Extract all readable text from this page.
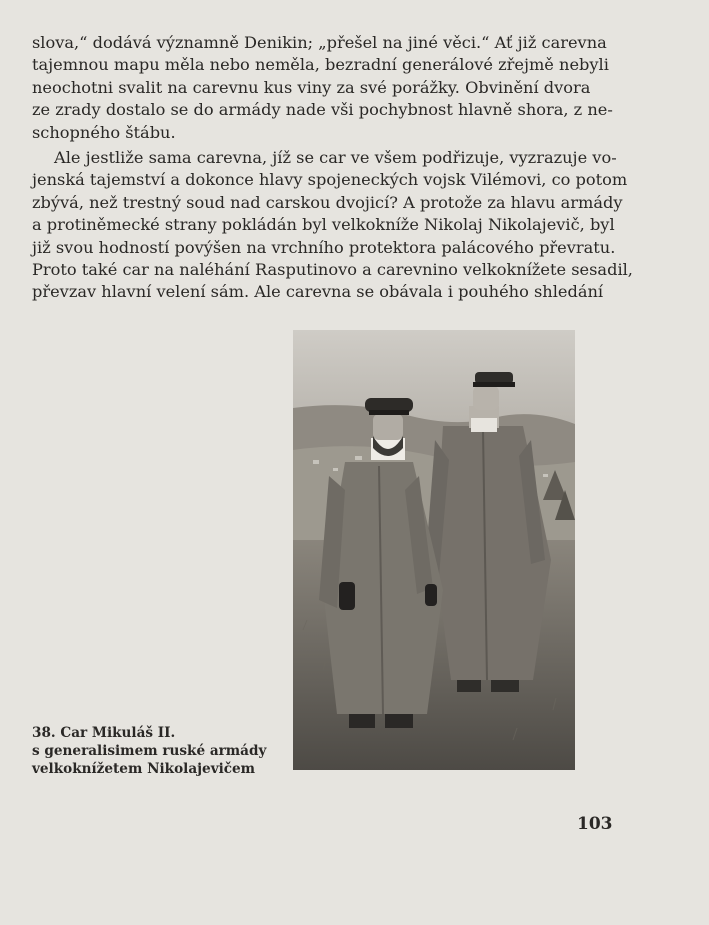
slova,“ dodává významně Denikin; „přešel na jiné věci.“ Ať již carevna
tajemnou mapu měla nebo neměla, bezradní generálové zřejmě nebyli
neochotni svalit na carevnu kus viny za své porážky. Obvinění dvora
ze zrady dostalo se do armády nade vši pochybnost hlavně shora, z ne-
schopného štábu.
Ale jestliže sama carevna, jíž se car ve všem podřizuje, vyzrazuje vo-
jenská tajemství a dokonce hlavy spojeneckých vojsk Vilémovi, co potom
zbývá, než trestný soud nad carskou dvojicí? A protože za hlavu armády
a protiněmecké strany pokládán byl velkokníže Nikolaj Nikolajevič, byl
již svou hodností povýšen na vrchního protektora palácového převratu.
Proto také car na naléhání Rasputinovo a carevnino velkoknížete sesadil,
převzav hlavní velení sám. Ale carevna se obávala i pouhého shledání
38. Car Mikuláš II.
s generalisimem ruské armády
velkoknížetem Nikolajevičem
103
